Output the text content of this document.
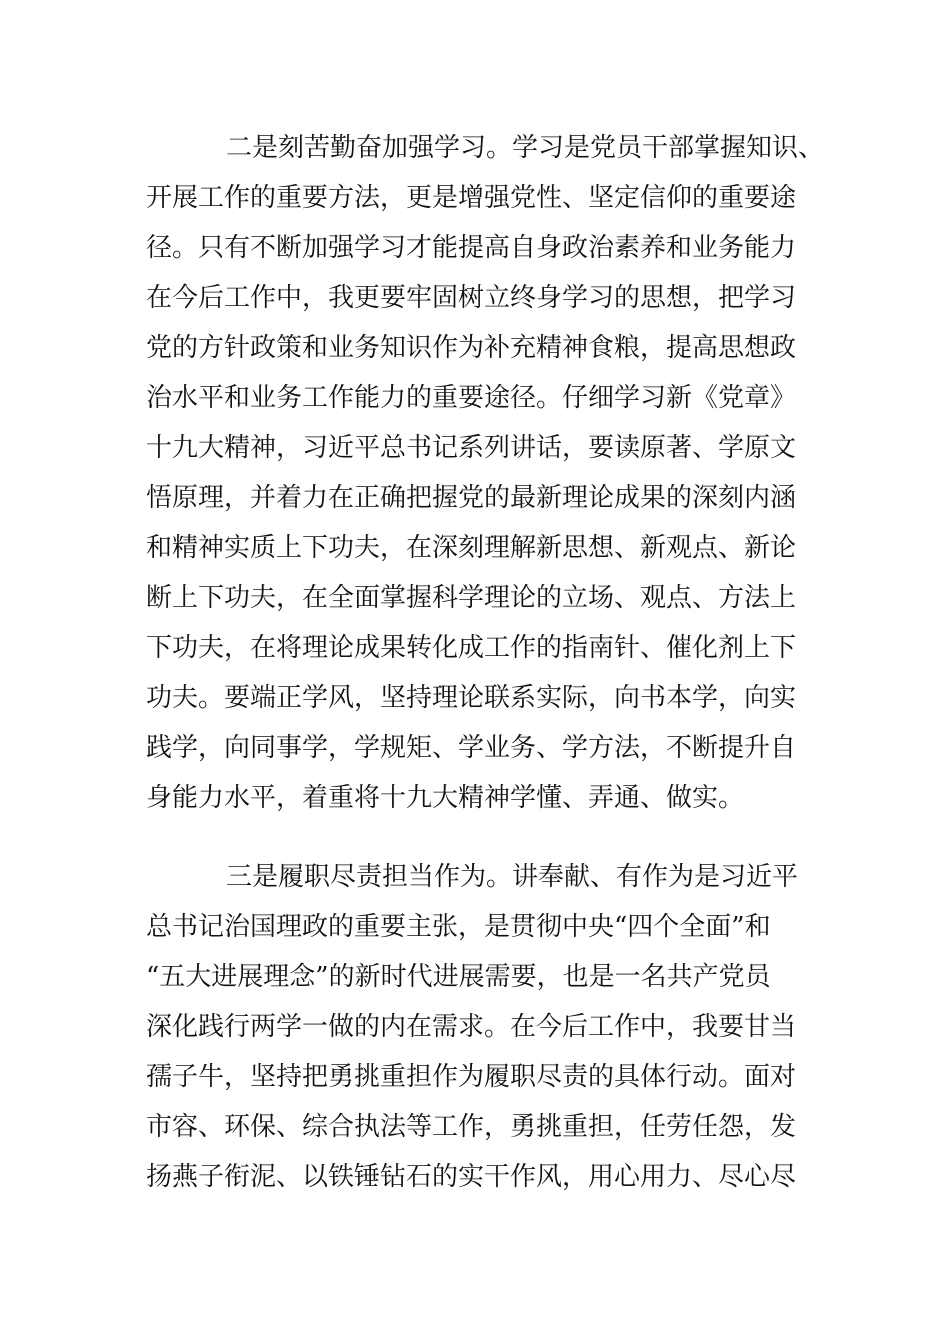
二是刻苦勤奋加强学习。学习是党员干部掌握知识、
开展工作的重要方法，更是增强党性、坚定信仰的重要途
径。只有不断加强学习才能提高自身政治素养和业务能力
在今后工作中，我更要牢固树立终身学习的思想，把学习
党的方针政策和业务知识作为补充精神食粮，提高思想政
治水平和业务工作能力的重要途径。仔细学习新《党章》
十九大精神，习近平总书记系列讲话，要读原著、学原文
悟原理，并着力在正确把握党的最新理论成果的深刻内涵
和精神实质上下功夫，在深刻理解新思想、新观点、新论
断上下功夫，在全面掌握科学理论的立场、观点、方法上
下功夫，在将理论成果转化成工作的指南针、催化剂上下
功夫。要端正学风，坚持理论联系实际，向书本学，向实
践学，向同事学，学规矩、学业务、学方法，不断提升自
身能力水平，着重将十九大精神学懂、弄通、做实。
三是履职尽责担当作为。讲奉献、有作为是习近平
总书记治国理政的重要主张，是贯彻中央“四个全面”和
“五大进展理念”的新时代进展需要，也是一名共产党员
深化践行两学一做的内在需求。在今后工作中，我要甘当
孺子牛，坚持把勇挑重担作为履职尽责的具体行动。面对
市容、环保、综合执法等工作，勇挑重担，任劳任怨，发
扬燕子衔泥、以铁锤钻石的实干作风，用心用力、尽心尽
